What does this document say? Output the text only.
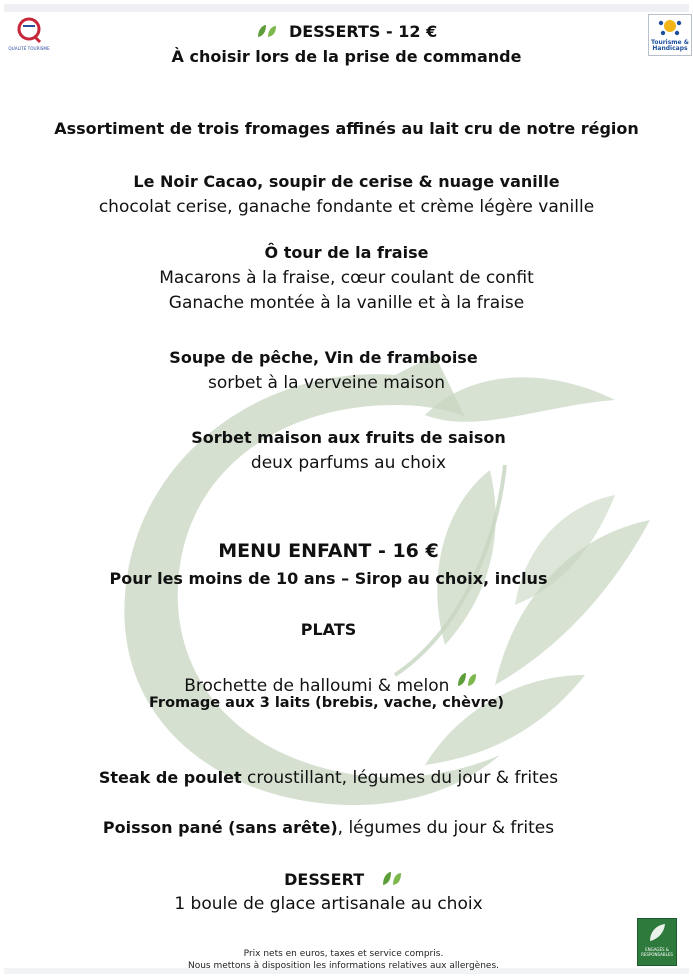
QUALITÉ TOURISME
Tourisme &
Handicaps
DESSERTS - 12 €
À choisir lors de la prise de commande
Assortiment de trois fromages affinés au lait cru de notre région
Le Noir Cacao, soupir de cerise & nuage vanille
chocolat cerise, ganache fondante et crème légère vanille
Ô tour de la fraise
Macarons à la fraise, cœur coulant de confit
Ganache montée à la vanille et à la fraise
Soupe de pêche, Vin de framboise
sorbet à la verveine maison
Sorbet maison aux fruits de saison
deux parfums au choix
MENU ENFANT - 16 €
Pour les moins de 10 ans – Sirop au choix, inclus
PLATS
Brochette de halloumi & melon
Fromage aux 3 laits (brebis, vache, chèvre)
Steak de poulet croustillant, légumes du jour & frites
Poisson pané (sans arête), légumes du jour & frites
DESSERT
1 boule de glace artisanale au choix
Prix nets en euros, taxes et service compris.
Nous mettons à disposition les informations relatives aux allergènes.
ENGAGÉS & RESPONSABLES
